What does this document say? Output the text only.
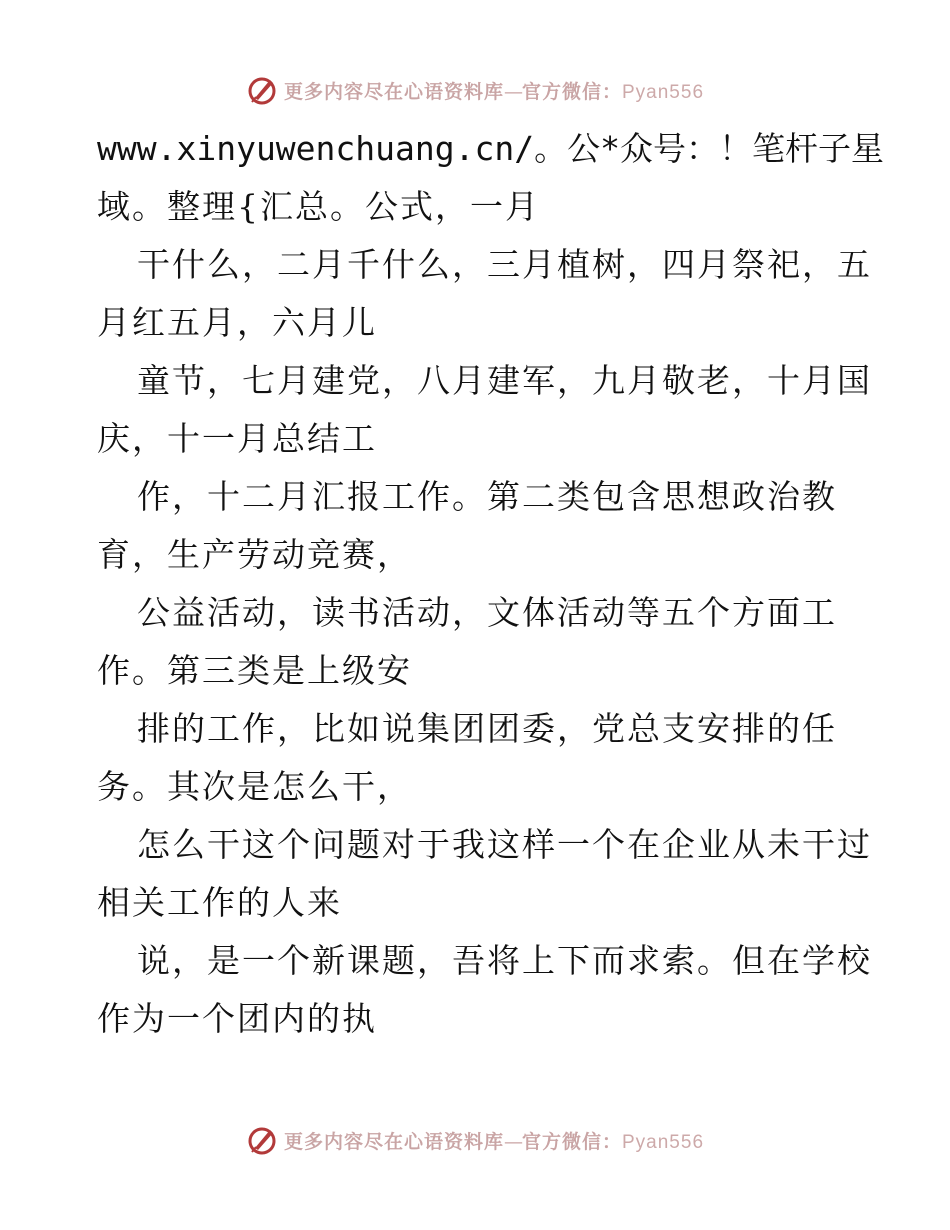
更多内容尽在心语资料库—官方微信：Pyan556
www.xinyuwenchuang.cn/。公*众号：！笔杆子星
域。整理{汇总。公式，一月
干什么，二月千什么，三月植树，四月祭祀，五
月红五月，六月儿
童节，七月建党，八月建军，九月敬老，十月国
庆，十一月总结工
作，十二月汇报工作。第二类包含思想政治教
育，生产劳动竞赛，
公益活动，读书活动，文体活动等五个方面工
作。第三类是上级安
排的工作，比如说集团团委，党总支安排的任
务。其次是怎么干，
怎么干这个问题对于我这样一个在企业从未干过
相关工作的人来
说，是一个新课题，吾将上下而求索。但在学校
作为一个团内的执
更多内容尽在心语资料库—官方微信：Pyan556
